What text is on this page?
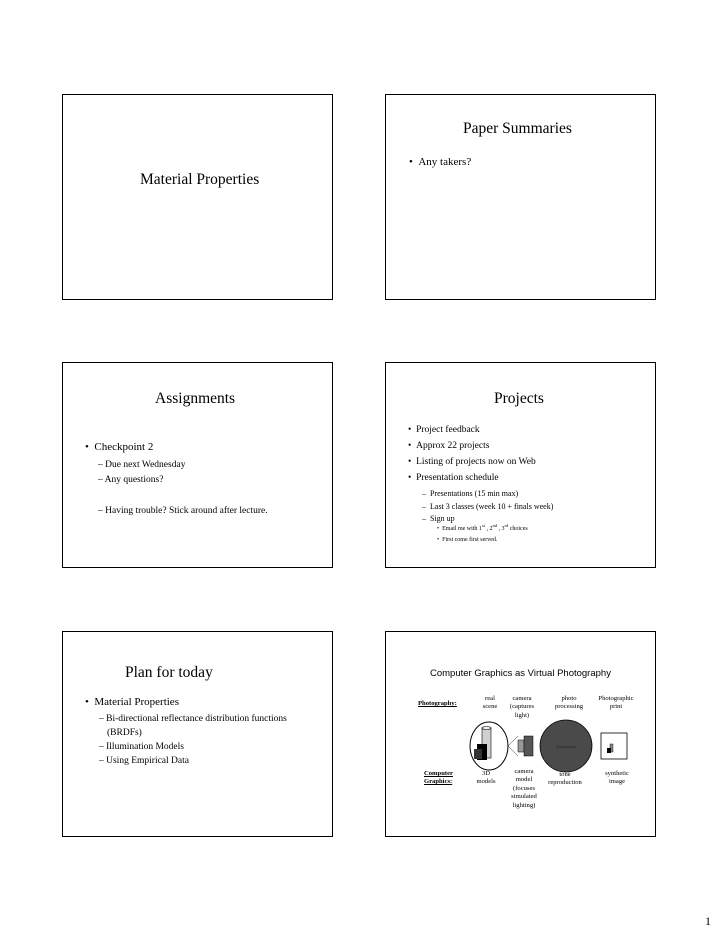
Material Properties
Paper Summaries
• Any takers?
Assignments
• Checkpoint 2
– Due next Wednesday
– Any questions?
– Having trouble? Stick around after lecture.
Projects
• Project feedback
• Approx 22 projects
• Listing of projects now on Web
• Presentation schedule
– Presentations (15 min max)
– Last 3 classes (week 10 + finals week)
– Sign up
• Email me with 1st , 2nd , 3rd choices
• First come first served.
Plan for today
• Material Properties
– Bi-directional reflectance distribution functions
(BRDFs)
– Illumination Models
– Using Empirical Data
Computer Graphics as Virtual Photography
Photography:
real
scene
camera
(captures
light)
photo
processing
Photographic
print
processing
Computer
Graphics:
3D
models
camera
model
(focuses
simulated
lighting)
tone
reproduction
synthetic
image
1
